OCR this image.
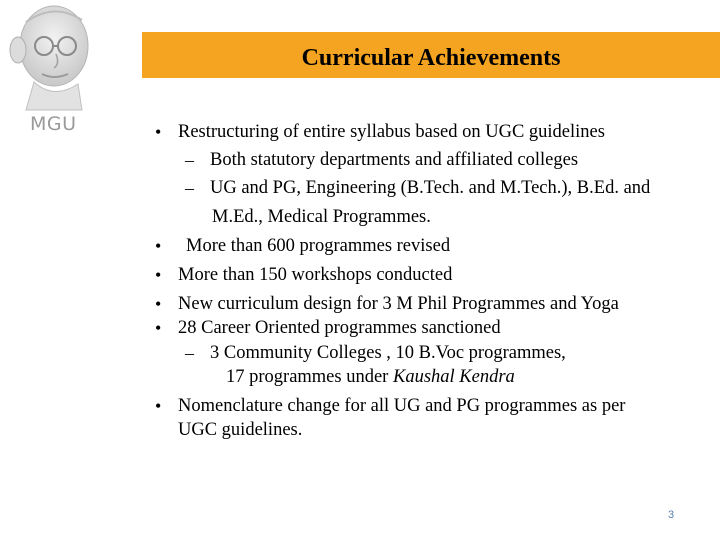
MGU
Curricular Achievements
• Restructuring of entire syllabus based on UGC guidelines
– Both statutory departments and affiliated colleges
– UG and PG, Engineering (B.Tech. and M.Tech.), B.Ed. and
M.Ed., Medical Programmes.
• More than 600 programmes revised
• More than 150 workshops conducted
• New curriculum design for 3 M Phil Programmes and Yoga
• 28 Career Oriented programmes sanctioned
– 3 Community Colleges , 10 B.Voc programmes,
17 programmes under Kaushal Kendra
• Nomenclature change for all UG and PG programmes as per
UGC guidelines.
3
